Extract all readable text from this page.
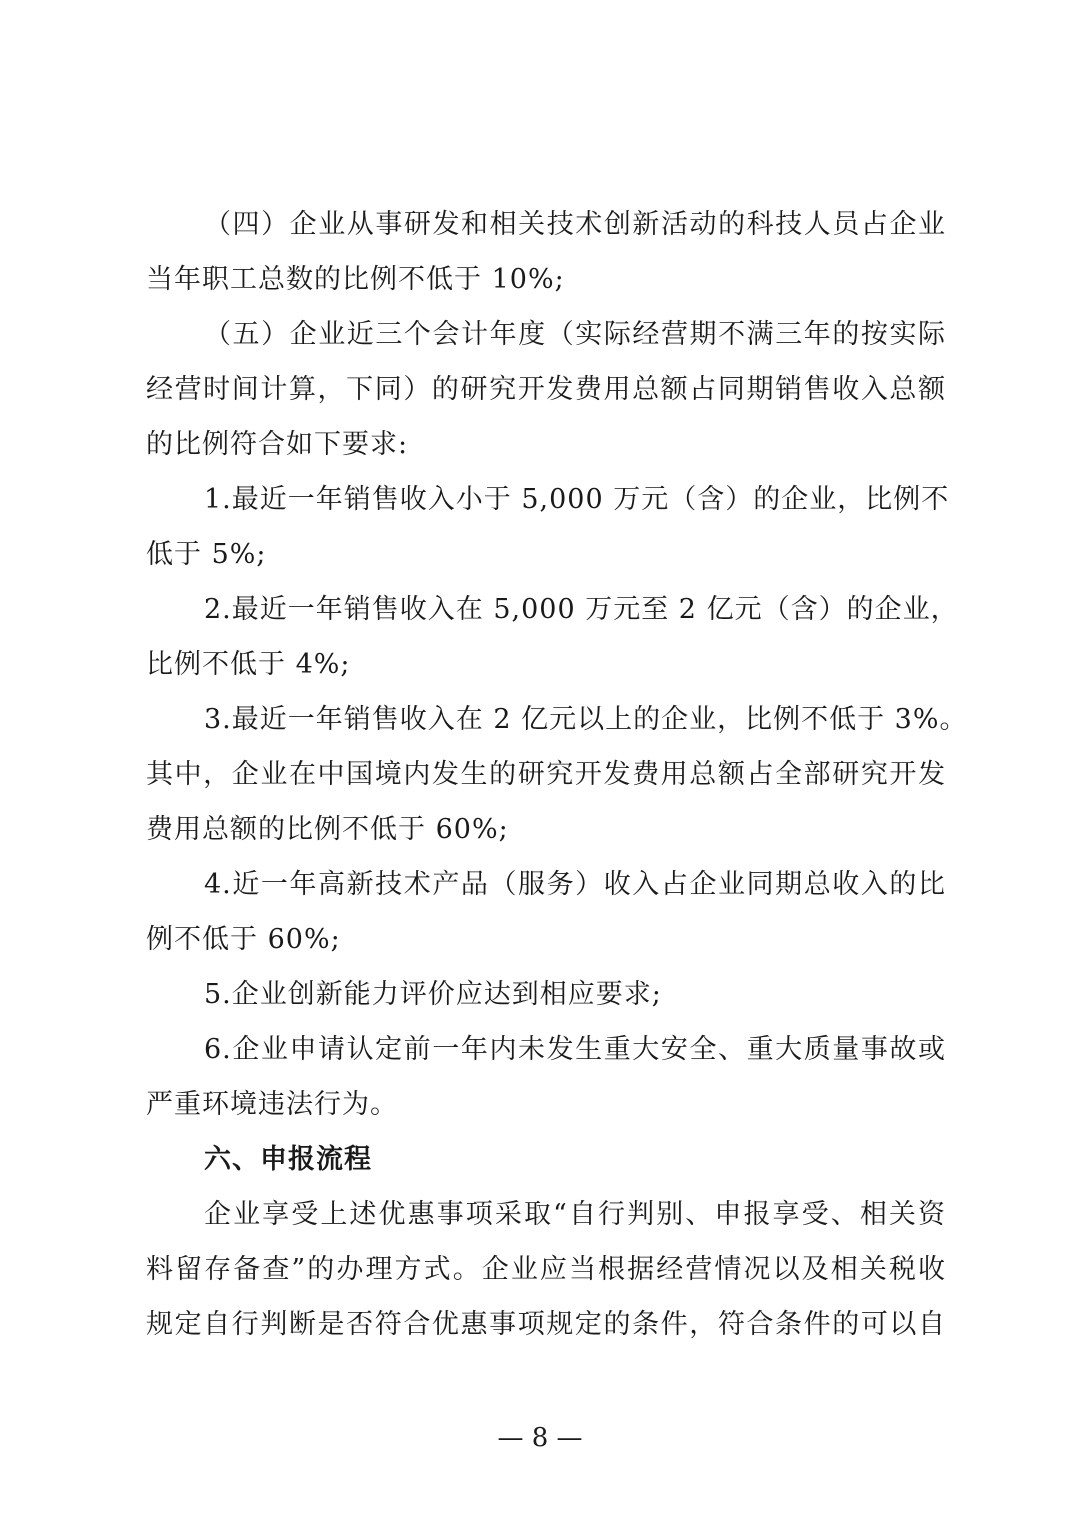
（四）企业从事研发和相关技术创新活动的科技人员占企业
当年职工总数的比例不低于 10%;
（五）企业近三个会计年度（实际经营期不满三年的按实际
经营时间计算，下同）的研究开发费用总额占同期销售收入总额
的比例符合如下要求:
1.最近一年销售收入小于 5,000 万元（含）的企业，比例不
低于 5%;
2.最近一年销售收入在 5,000 万元至 2 亿元（含）的企业，
比例不低于 4%;
3.最近一年销售收入在 2 亿元以上的企业，比例不低于 3%。
其中，企业在中国境内发生的研究开发费用总额占全部研究开发
费用总额的比例不低于 60%;
4.近一年高新技术产品（服务）收入占企业同期总收入的比
例不低于 60%;
5.企业创新能力评价应达到相应要求;
6.企业申请认定前一年内未发生重大安全、重大质量事故或
严重环境违法行为。
六、申报流程
企业享受上述优惠事项采取“自行判别、申报享受、相关资
料留存备查”的办理方式。企业应当根据经营情况以及相关税收
规定自行判断是否符合优惠事项规定的条件，符合条件的可以自
— 8 —
